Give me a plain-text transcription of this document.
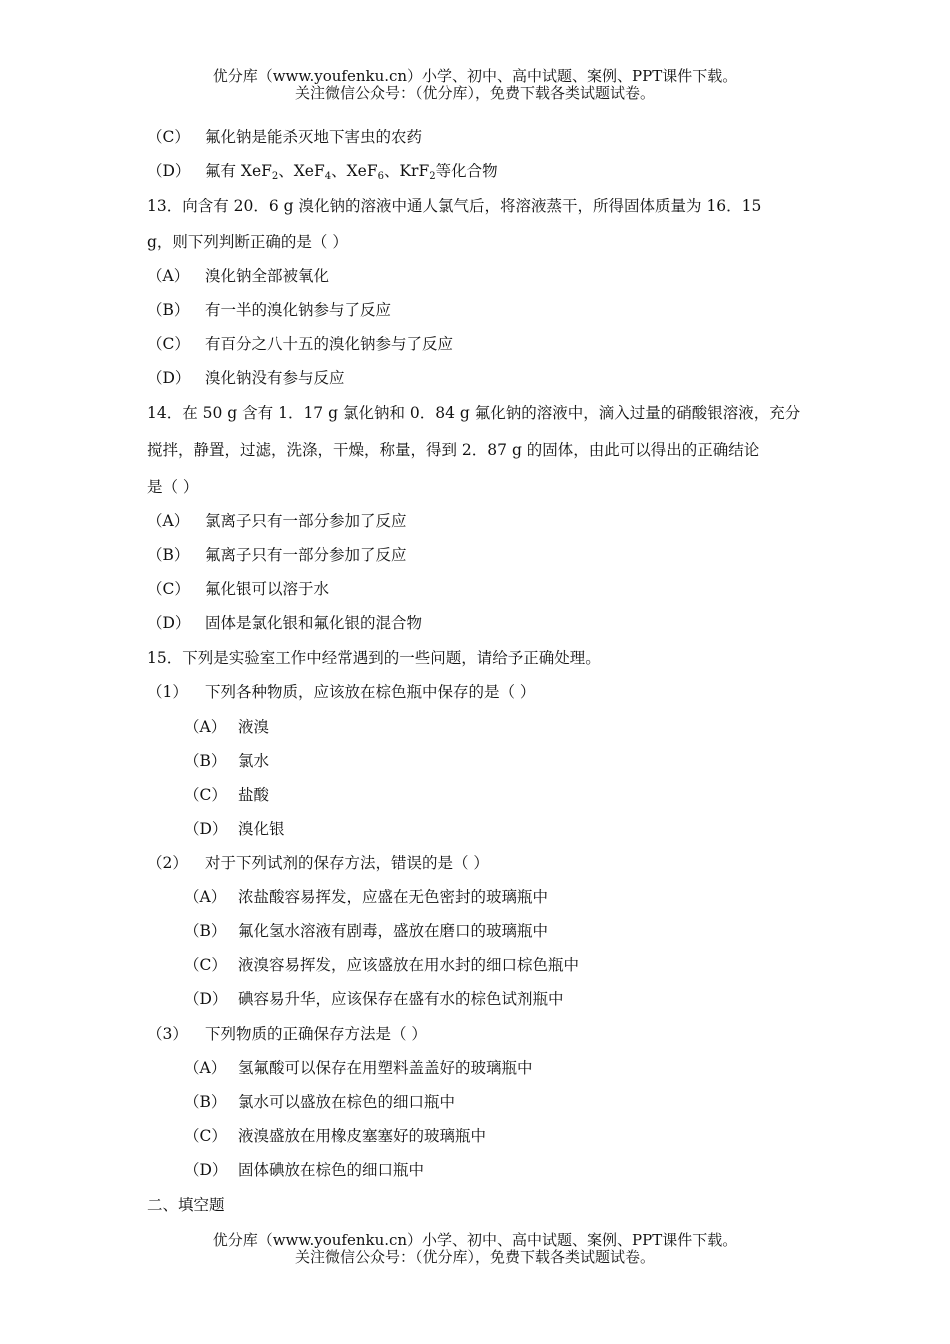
优分库（www.youfenku.cn）小学、初中、高中试题、案例、PPT课件下载。
关注微信公众号：（优分库），免费下载各类试题试卷。
（C） 氟化钠是能杀灭地下害虫的农药
（D） 氟有 XeF$_2$、XeF$_4$、XeF$_6$、KrF$_2$等化合物
13．向含有 20．6 g 溴化钠的溶液中通人氯气后，将溶液蒸干，所得固体质量为 16．15
g，则下列判断正确的是（ ）
（A） 溴化钠全部被氧化
（B） 有一半的溴化钠参与了反应
（C） 有百分之八十五的溴化钠参与了反应
（D） 溴化钠没有参与反应
14．在 50 g 含有 1．17 g 氯化钠和 0．84 g 氟化钠的溶液中，滴入过量的硝酸银溶液，充分
搅拌，静置，过滤，洗涤，干燥，称量，得到 2．87 g 的固体，由此可以得出的正确结论
是（ ）
（A） 氯离子只有一部分参加了反应
（B） 氟离子只有一部分参加了反应
（C） 氟化银可以溶于水
（D） 固体是氯化银和氟化银的混合物
15．下列是实验室工作中经常遇到的一些问题，请给予正确处理。
（1） 下列各种物质，应该放在棕色瓶中保存的是（ ）
（A） 液溴
（B） 氯水
（C） 盐酸
（D） 溴化银
（2） 对于下列试剂的保存方法，错误的是（ ）
（A） 浓盐酸容易挥发，应盛在无色密封的玻璃瓶中
（B） 氟化氢水溶液有剧毒，盛放在磨口的玻璃瓶中
（C） 液溴容易挥发，应该盛放在用水封的细口棕色瓶中
（D） 碘容易升华，应该保存在盛有水的棕色试剂瓶中
（3） 下列物质的正确保存方法是（ ）
（A） 氢氟酸可以保存在用塑料盖盖好的玻璃瓶中
（B） 氯水可以盛放在棕色的细口瓶中
（C） 液溴盛放在用橡皮塞塞好的玻璃瓶中
（D） 固体碘放在棕色的细口瓶中
二、填空题
优分库（www.youfenku.cn）小学、初中、高中试题、案例、PPT课件下载。
关注微信公众号：（优分库），免费下载各类试题试卷。
